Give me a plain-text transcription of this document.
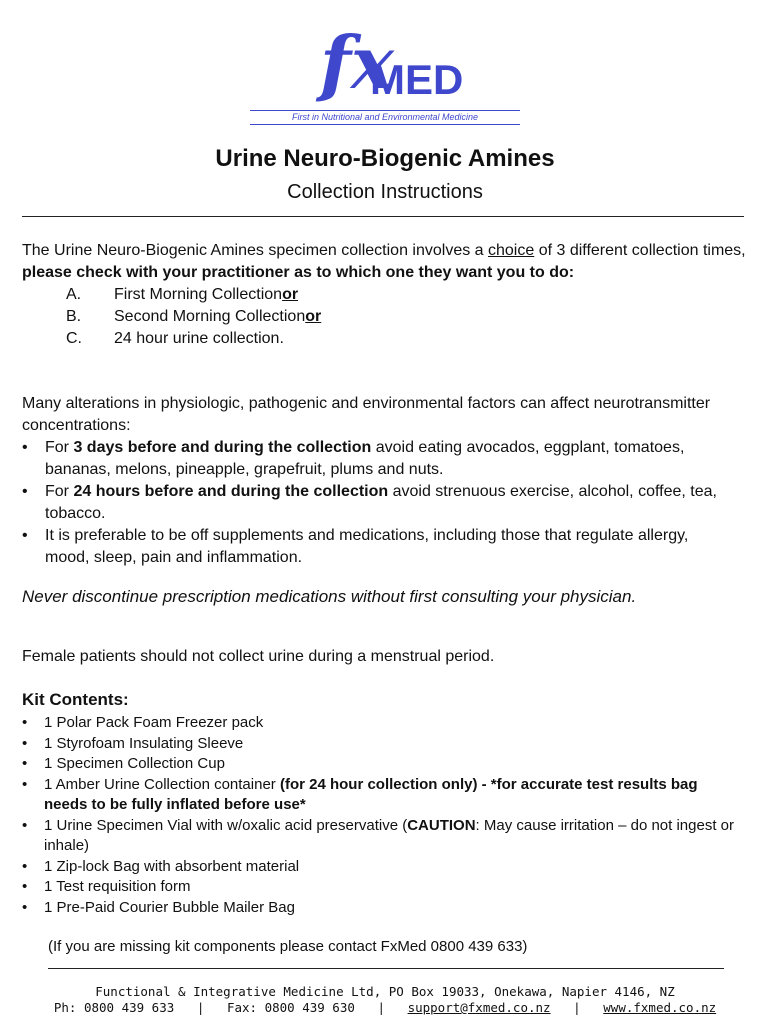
fx
MED
First in Nutritional and Environmental Medicine
Urine Neuro-Biogenic Amines
Collection Instructions
The Urine Neuro-Biogenic Amines specimen collection involves a choice of 3 different collection times, please check with your practitioner as to which one they want you to do:
A.	First Morning Collection or
B.	Second Morning Collection or
C.	24 hour urine collection.
Many alterations in physiologic, pathogenic and environmental factors can affect neurotransmitter concentrations:
• For 3 days before and during the collection avoid eating avocados, eggplant, tomatoes, bananas, melons, pineapple, grapefruit, plums and nuts.
• For 24 hours before and during the collection avoid strenuous exercise, alcohol, coffee, tea, tobacco.
• It is preferable to be off supplements and medications, including those that regulate allergy, mood, sleep, pain and inflammation.
Never discontinue prescription medications without first consulting your physician.
Female patients should not collect urine during a menstrual period.
Kit Contents:
• 1 Polar Pack Foam Freezer pack
• 1 Styrofoam Insulating Sleeve
• 1 Specimen Collection Cup
• 1 Amber Urine Collection container (for 24 hour collection only) - *for accurate test results bag needs to be fully inflated before use*
• 1 Urine Specimen Vial with w/oxalic acid preservative (CAUTION: May cause irritation – do not ingest or inhale)
• 1 Zip-lock Bag with absorbent material
• 1 Test requisition form
• 1 Pre-Paid Courier Bubble Mailer Bag
(If you are missing kit components please contact FxMed 0800 439 633)
Functional & Integrative Medicine Ltd, PO Box 19033, Onekawa, Napier 4146, NZ
Ph: 0800 439 633 | Fax: 0800 439 630 | support@fxmed.co.nz | www.fxmed.co.nz
